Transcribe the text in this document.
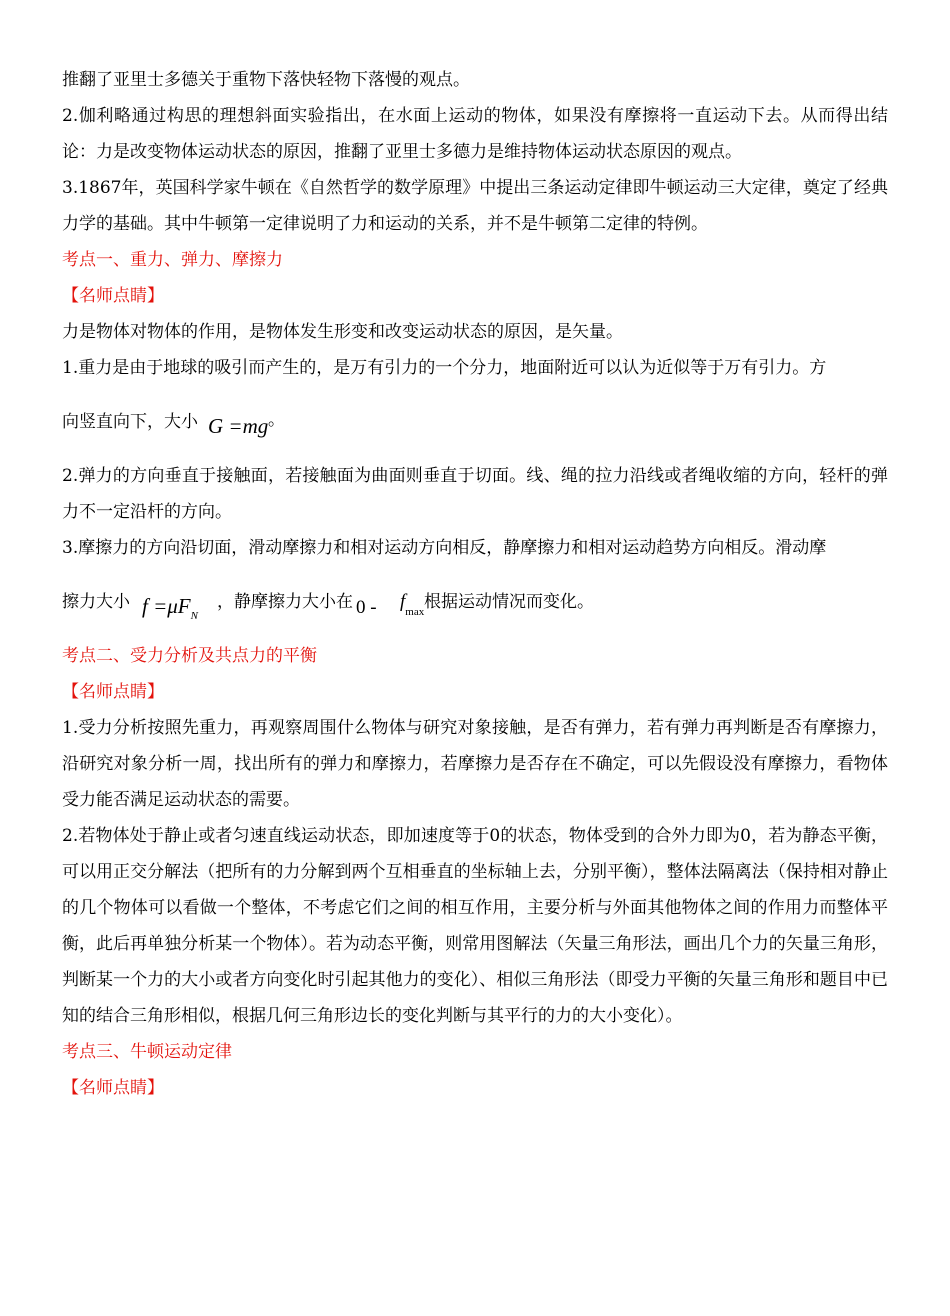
推翻了亚里士多德关于重物下落快轻物下落慢的观点。

2.伽利略通过构思的理想斜面实验指出，在水面上运动的物体，如果没有摩擦将一直运动下去。从而得出结论：力是改变物体运动状态的原因，推翻了亚里士多德力是维持物体运动状态原因的观点。

3.1867年，英国科学家牛顿在《自然哲学的数学原理》中提出三条运动定律即牛顿运动三大定律，奠定了经典力学的基础。其中牛顿第一定律说明了力和运动的关系，并不是牛顿第二定律的特例。

考点一、重力、弹力、摩擦力

【名师点睛】

力是物体对物体的作用，是物体发生形变和改变运动状态的原因，是矢量。

1.重力是由于地球的吸引而产生的，是万有引力的一个分力，地面附近可以认为近似等于万有引力。方

向竖直向下，大小 G =mg 。

2.弹力的方向垂直于接触面，若接触面为曲面则垂直于切面。线、绳的拉力沿线或者绳收缩的方向，轻杆的弹力不一定沿杆的方向。

3.摩擦力的方向沿切面，滑动摩擦力和相对运动方向相反，静摩擦力和相对运动趋势方向相反。滑动摩

擦力大小 $f =\mu F_N$
，静摩擦力大小在 $0 - f_{max}$ 根据运动情况而变化。

考点二、受力分析及共点力的平衡

【名师点睛】

1.受力分析按照先重力，再观察周围什么物体与研究对象接触，是否有弹力，若有弹力再判断是否有摩擦力，沿研究对象分析一周，找出所有的弹力和摩擦力，若摩擦力是否存在不确定，可以先假设没有摩擦力，看物体受力能否满足运动状态的需要。

2.若物体处于静止或者匀速直线运动状态，即加速度等于0的状态，物体受到的合外力即为0，若为静态平衡，可以用正交分解法（把所有的力分解到两个互相垂直的坐标轴上去，分别平衡），整体法隔离法（保持相对静止的几个物体可以看做一个整体，不考虑它们之间的相互作用，主要分析与外面其他物体之间的作用力而整体平衡，此后再单独分析某一个物体）。若为动态平衡，则常用图解法（矢量三角形法，画出几个力的矢量三角形，判断某一个力的大小或者方向变化时引起其他力的变化）、相似三角形法（即受力平衡的矢量三角形和题目中已知的结合三角形相似，根据几何三角形边长的变化判断与其平行的力的大小变化）。

考点三、牛顿运动定律

【名师点睛】
